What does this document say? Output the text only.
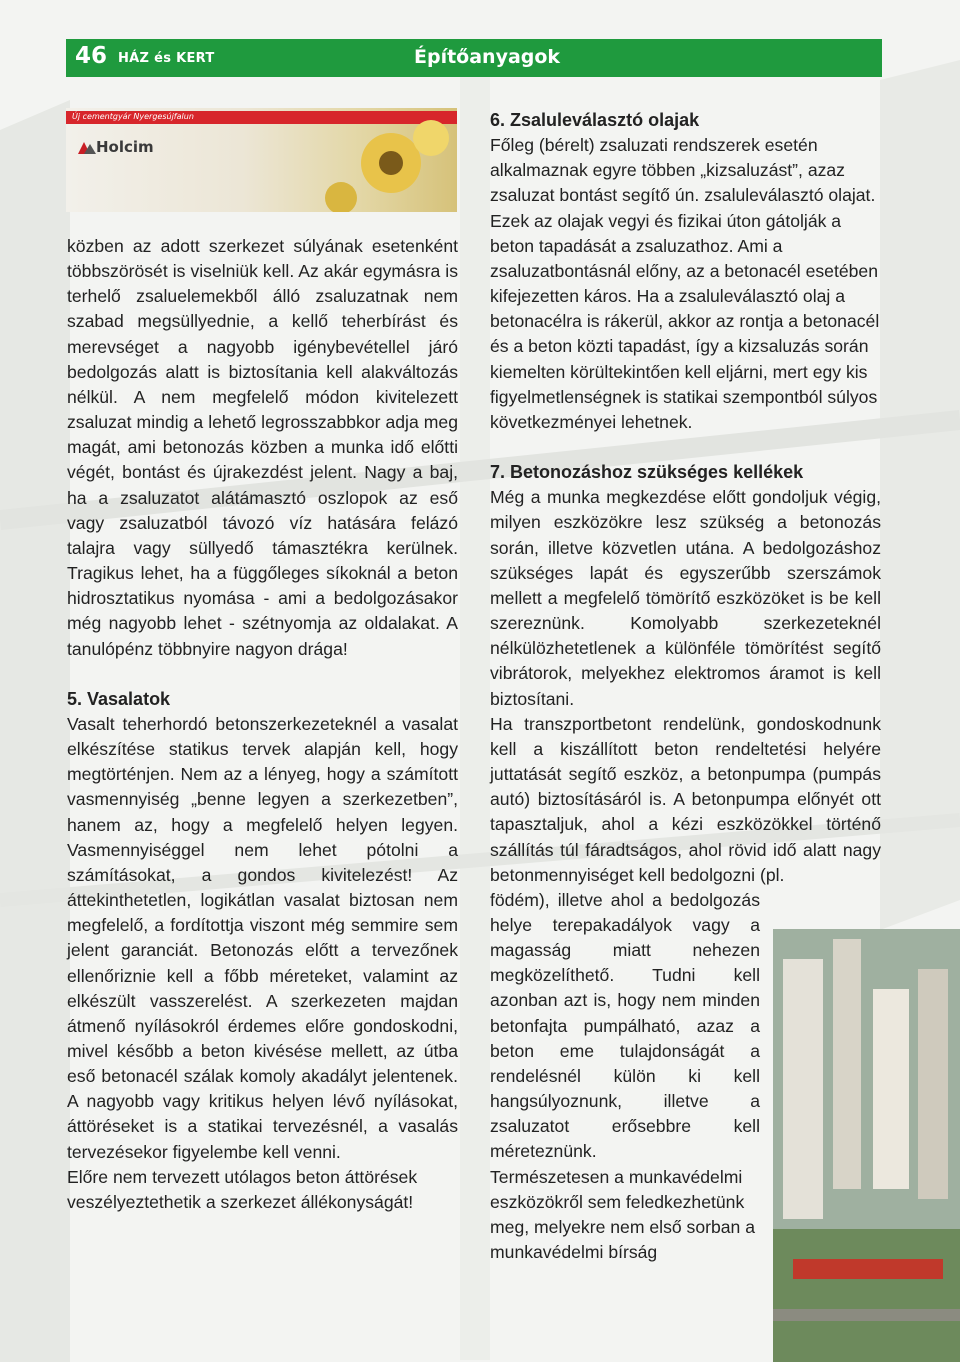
46 HÁZ és KERT	Építőanyagok
Új cementgyár Nyergesújfalun
Holcim

közben az adott szerkezet súlyának esetenként többszörösét is viselniük kell. Az akár egymásra is terhelő zsaluelemekből álló zsaluzatnak nem szabad megsüllyednie, a kellő teherbírást és merevséget a nagyobb igénybevétellel járó bedolgozás alatt is biztosítania kell alakváltozás nélkül. A nem megfelelő módon kivitelezett zsaluzat mindig a lehető legrosszabbkor adja meg magát, ami betonozás közben a munka idő előtti végét, bontást és újrakezdést jelent. Nagy a baj, ha a zsaluzatot alátámasztó oszlopok az eső vagy zsaluzatból távozó víz hatására felázó talajra vagy süllyedő támasztékra kerülnek. Tragikus lehet, ha a függőleges síkoknál a beton hidrosztatikus nyomása - ami a bedolgozásakor még nagyobb lehet - szétnyomja az oldalakat. A tanulópénz többnyire nagyon drága!

5. Vasalatok

Vasalt teherhordó betonszerkezeteknél a vasalat elkészítése statikus tervek alapján kell, hogy megtörténjen. Nem az a lényeg, hogy a számított vasmennyiség „benne legyen a szerkezetben”, hanem az, hogy a megfelelő helyen legyen. Vasmennyiséggel nem lehet pótolni a számításokat, a gondos kivitelezést! Az áttekinthetetlen, logikátlan vasalat biztosan nem megfelelő, a fordítottja viszont még semmire sem jelent garanciát. Betonozás előtt a tervezőnek ellenőriznie kell a főbb méreteket, valamint az elkészült vasszerelést. A szerkezeten majdan átmenő nyílásokról érdemes előre gondoskodni, mivel később a beton kivésése mellett, az útba eső betonacél szálak komoly akadályt jelentenek. A nagyobb vagy kritikus helyen lévő nyílásokat, áttöréseket is a statikai tervezésnél, a vasalás tervezésekor figyelembe kell venni.

Előre nem tervezett utólagos beton áttörések veszélyeztethetik a szerkezet állékonyságát!

6. Zsaluleválasztó olajak

Főleg (bérelt) zsaluzati rendszerek esetén alkalmaznak egyre többen „kizsaluzást”, azaz zsaluzat bontást segítő ún. zsaluleválasztó olajat. Ezek az olajak vegyi és fizikai úton gátolják a beton tapadását a zsaluzathoz. Ami a zsaluzatbontásnál előny, az a betonacél esetében kifejezetten káros. Ha a zsaluleválasztó olaj a betonacélra is rákerül, akkor az rontja a betonacél és a beton közti tapadást, így a kizsaluzás során kiemelten körültekintően kell eljárni, mert egy kis figyelmetlenségnek is statikai szempontból súlyos következményei lehetnek.

7. Betonozáshoz szükséges kellékek

Még a munka megkezdése előtt gondoljuk végig, milyen eszközökre lesz szükség a betonozás során, illetve közvetlen utána. A bedolgozáshoz szükséges lapát és egyszerűbb szerszámok mellett a megfelelő tömörítő eszközöket is be kell szereznünk. Komolyabb szerkezeteknél nélkülözhetetlenek a különféle tömörítést segítő vibrátorok, melyekhez elektromos áramot is kell biztosítani.

Ha transzportbetont rendelünk, gondoskodnunk kell a kiszállított beton rendeltetési helyére juttatását segítő eszköz, a betonpumpa (pumpás autó) biztosításáról is. A betonpumpa előnyét ott tapasztaljuk, ahol a kézi eszközökkel történő szállítás túl fáradtságos, ahol rövid idő alatt nagy betonmennyiséget kell bedolgozni (pl.

födém), illetve ahol a bedolgozás helye terepakadályok vagy a magasság miatt nehezen megközelíthető. Tudni kell azonban azt is, hogy nem minden betonfajta pumpálható, azaz a beton eme tulajdonságát a rendelésnél külön ki kell hangsúlyoznunk, illetve a zsaluzatot erősebbre kell méreteznünk.

Természetesen a munkavédelmi eszközökről sem feledkezhetünk meg, melyekre nem első sorban a munkavédelmi bírság
